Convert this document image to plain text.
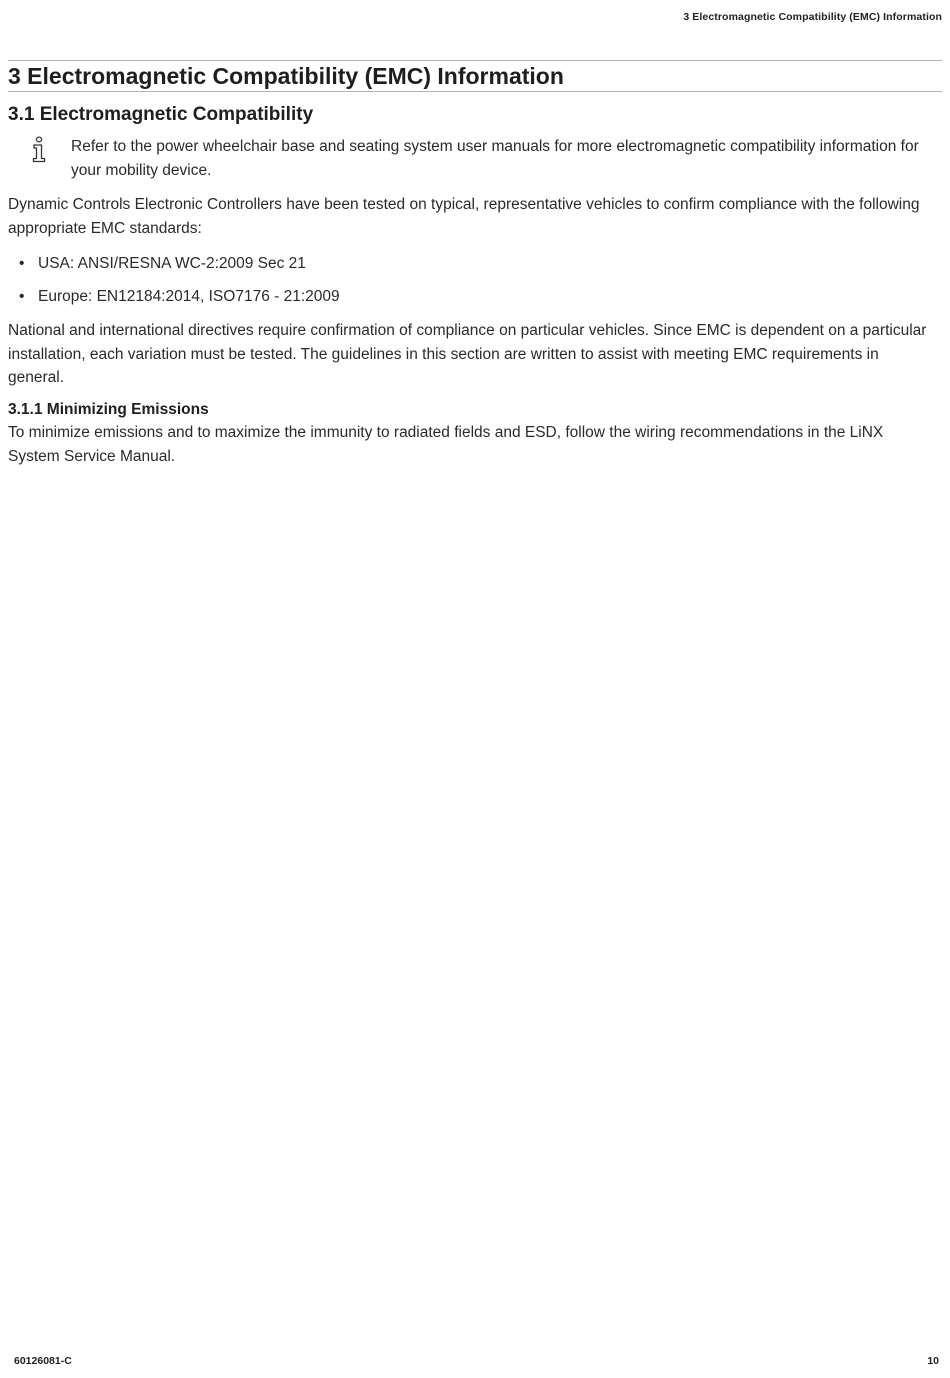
3 Electromagnetic Compatibility (EMC) Information
3 Electromagnetic Compatibility (EMC) Information
3.1 Electromagnetic Compatibility

Refer to the power wheelchair base and seating system user manuals for more electromagnetic compatibility information for your mobility device.

Dynamic Controls Electronic Controllers have been tested on typical, representative vehicles to confirm compliance with the following appropriate EMC standards:

• USA: ANSI/RESNA WC-2:2009 Sec 21
• Europe: EN12184:2014, ISO7176 - 21:2009

National and international directives require confirmation of compliance on particular vehicles. Since EMC is dependent on a particular installation, each variation must be tested. The guidelines in this section are written to assist with meeting EMC requirements in general.

3.1.1 Minimizing Emissions

To minimize emissions and to maximize the immunity to radiated fields and ESD, follow the wiring recommendations in the LiNX System Service Manual.

60126081-C	10
